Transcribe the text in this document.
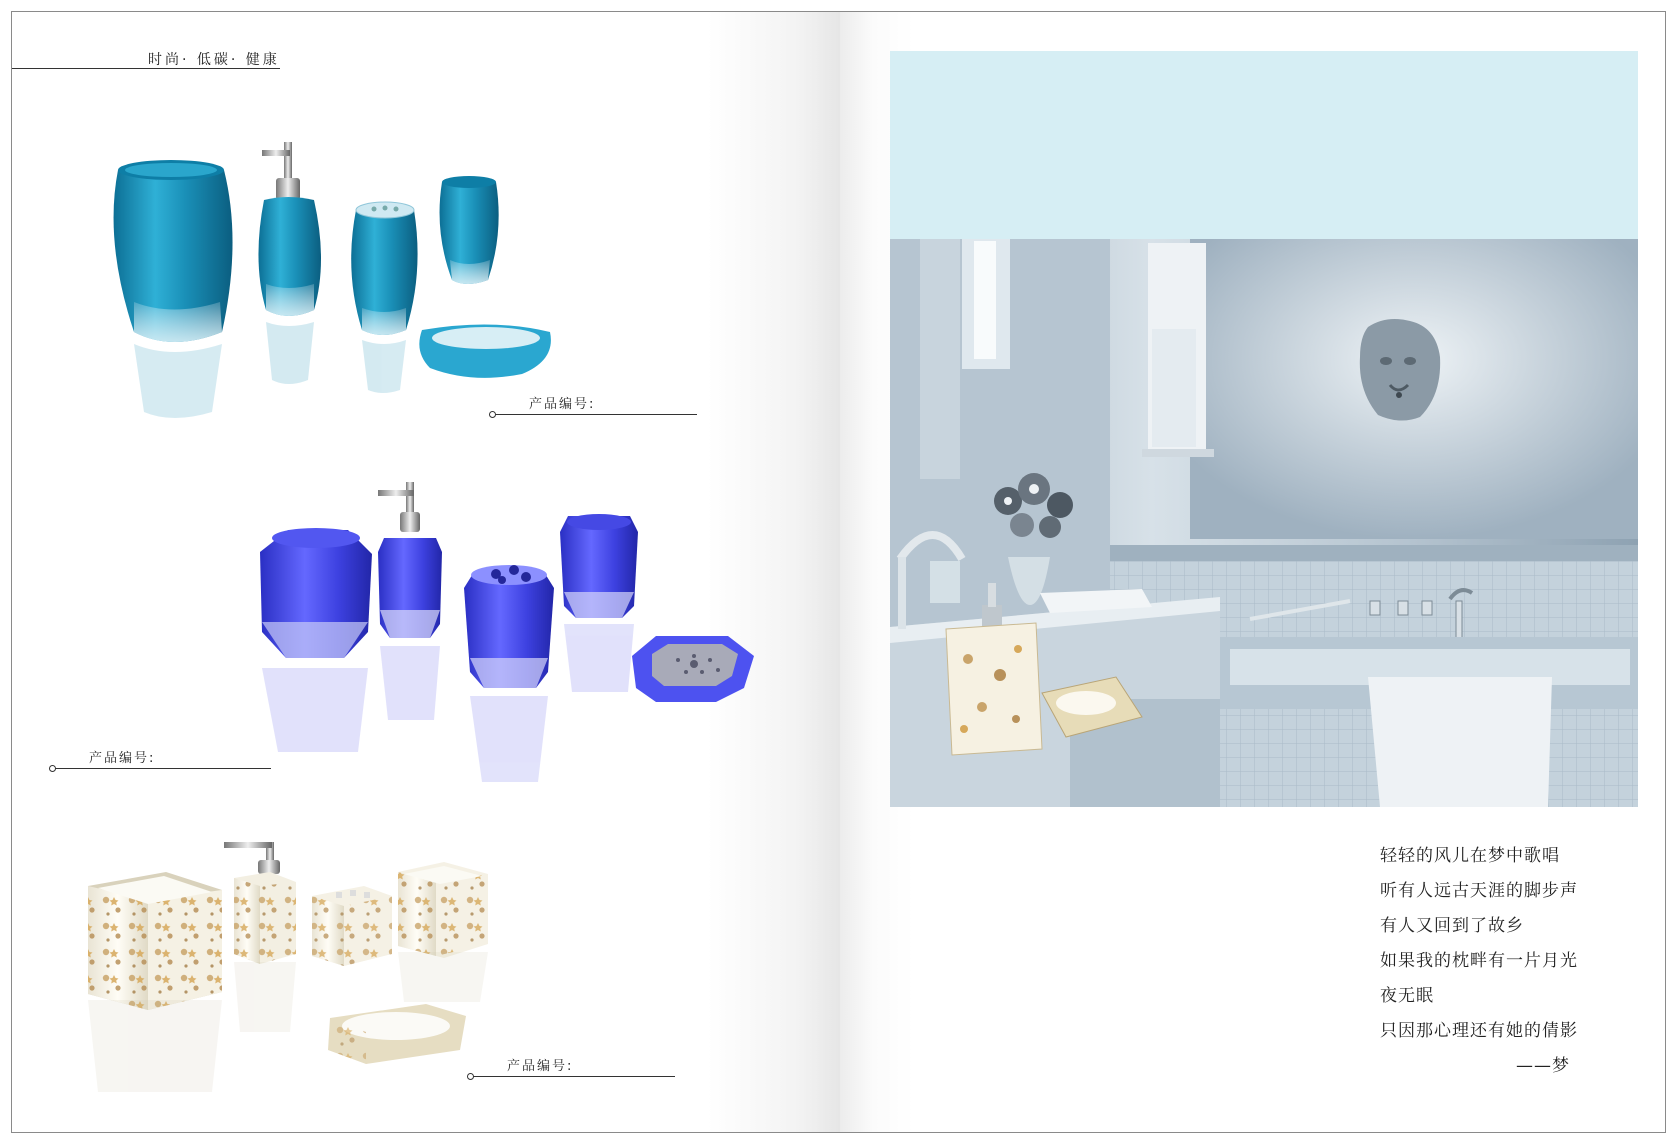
时尚· 低碳· 健康
产品编号:
产品编号:
产品编号:
轻轻的风儿在梦中歌唱
听有人远古天涯的脚步声
有人又回到了故乡
如果我的枕畔有一片月光
夜无眠
只因那心理还有她的倩影
——梦
